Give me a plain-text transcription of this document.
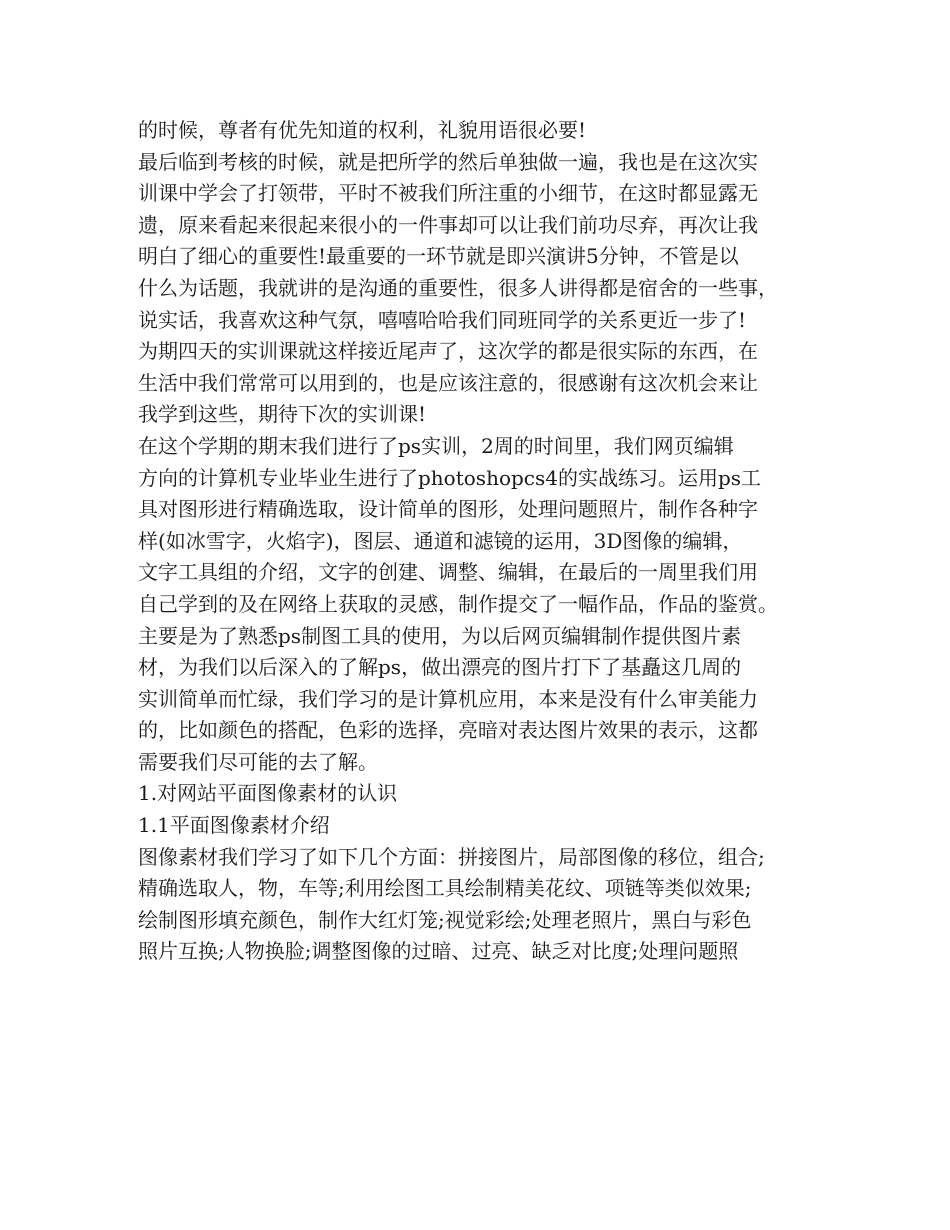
的时候，尊者有优先知道的权利，礼貌用语很必要!
最后临到考核的时候，就是把所学的然后单独做一遍，我也是在这次实
训课中学会了打领带，平时不被我们所注重的小细节，在这时都显露无
遗，原来看起来很起来很小的一件事却可以让我们前功尽弃，再次让我
明白了细心的重要性!最重要的一环节就是即兴演讲5分钟，不管是以
什么为话题，我就讲的是沟通的重要性，很多人讲得都是宿舍的一些事，
说实话，我喜欢这种气氛，嘻嘻哈哈我们同班同学的关系更近一步了!
为期四天的实训课就这样接近尾声了，这次学的都是很实际的东西，在
生活中我们常常可以用到的，也是应该注意的，很感谢有这次机会来让
我学到这些，期待下次的实训课!
在这个学期的期末我们进行了ps实训，2周的时间里，我们网页编辑
方向的计算机专业毕业生进行了photoshopcs4的实战练习。运用ps工
具对图形进行精确选取，设计简单的图形，处理问题照片，制作各种字
样(如冰雪字，火焰字)，图层、通道和滤镜的运用，3D图像的编辑，
文字工具组的介绍，文字的创建、调整、编辑，在最后的一周里我们用
自己学到的及在网络上获取的灵感，制作提交了一幅作品，作品的鉴赏。
主要是为了熟悉ps制图工具的使用，为以后网页编辑制作提供图片素
材，为我们以后深入的了解ps，做出漂亮的图片打下了基矗这几周的
实训简单而忙绿，我们学习的是计算机应用，本来是没有什么审美能力
的，比如颜色的搭配，色彩的选择，亮暗对表达图片效果的表示，这都
需要我们尽可能的去了解。
1.对网站平面图像素材的认识
1.1平面图像素材介绍
图像素材我们学习了如下几个方面：拼接图片，局部图像的移位，组合;
精确选取人，物，车等;利用绘图工具绘制精美花纹、项链等类似效果;
绘制图形填充颜色，制作大红灯笼;视觉彩绘;处理老照片，黑白与彩色
照片互换;人物换脸;调整图像的过暗、过亮、缺乏对比度;处理问题照
